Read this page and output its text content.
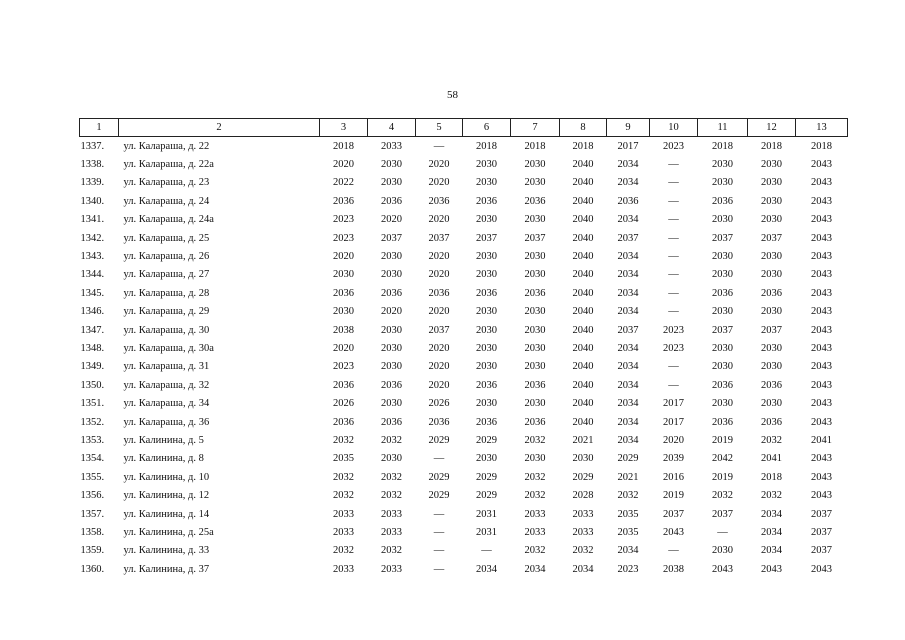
58
1	2	3	4	5	6	7	8	9	10	11	12	13
1337.	ул. Калараша, д. 22	2018	2033	—	2018	2018	2018	2017	2023	2018	2018	2018
1338.	ул. Калараша, д. 22а	2020	2030	2020	2030	2030	2040	2034	—	2030	2030	2043
1339.	ул. Калараша, д. 23	2022	2030	2020	2030	2030	2040	2034	—	2030	2030	2043
1340.	ул. Калараша, д. 24	2036	2036	2036	2036	2036	2040	2036	—	2036	2030	2043
1341.	ул. Калараша, д. 24а	2023	2020	2020	2030	2030	2040	2034	—	2030	2030	2043
1342.	ул. Калараша, д. 25	2023	2037	2037	2037	2037	2040	2037	—	2037	2037	2043
1343.	ул. Калараша, д. 26	2020	2030	2020	2030	2030	2040	2034	—	2030	2030	2043
1344.	ул. Калараша, д. 27	2030	2030	2020	2030	2030	2040	2034	—	2030	2030	2043
1345.	ул. Калараша, д. 28	2036	2036	2036	2036	2036	2040	2034	—	2036	2036	2043
1346.	ул. Калараша, д. 29	2030	2020	2020	2030	2030	2040	2034	—	2030	2030	2043
1347.	ул. Калараша, д. 30	2038	2030	2037	2030	2030	2040	2037	2023	2037	2037	2043
1348.	ул. Калараша, д. 30а	2020	2030	2020	2030	2030	2040	2034	2023	2030	2030	2043
1349.	ул. Калараша, д. 31	2023	2030	2020	2030	2030	2040	2034	—	2030	2030	2043
1350.	ул. Калараша, д. 32	2036	2036	2020	2036	2036	2040	2034	—	2036	2036	2043
1351.	ул. Калараша, д. 34	2026	2030	2026	2030	2030	2040	2034	2017	2030	2030	2043
1352.	ул. Калараша, д. 36	2036	2036	2036	2036	2036	2040	2034	2017	2036	2036	2043
1353.	ул. Калинина, д. 5	2032	2032	2029	2029	2032	2021	2034	2020	2019	2032	2041
1354.	ул. Калинина, д. 8	2035	2030	—	2030	2030	2030	2029	2039	2042	2041	2043
1355.	ул. Калинина, д. 10	2032	2032	2029	2029	2032	2029	2021	2016	2019	2018	2043
1356.	ул. Калинина, д. 12	2032	2032	2029	2029	2032	2028	2032	2019	2032	2032	2043
1357.	ул. Калинина, д. 14	2033	2033	—	2031	2033	2033	2035	2037	2037	2034	2037
1358.	ул. Калинина, д. 25а	2033	2033	—	2031	2033	2033	2035	2043	—	2034	2037
1359.	ул. Калинина, д. 33	2032	2032	—	—	2032	2032	2034	—	2030	2034	2037
1360.	ул. Калинина, д. 37	2033	2033	—	2034	2034	2034	2023	2038	2043	2043	2043
